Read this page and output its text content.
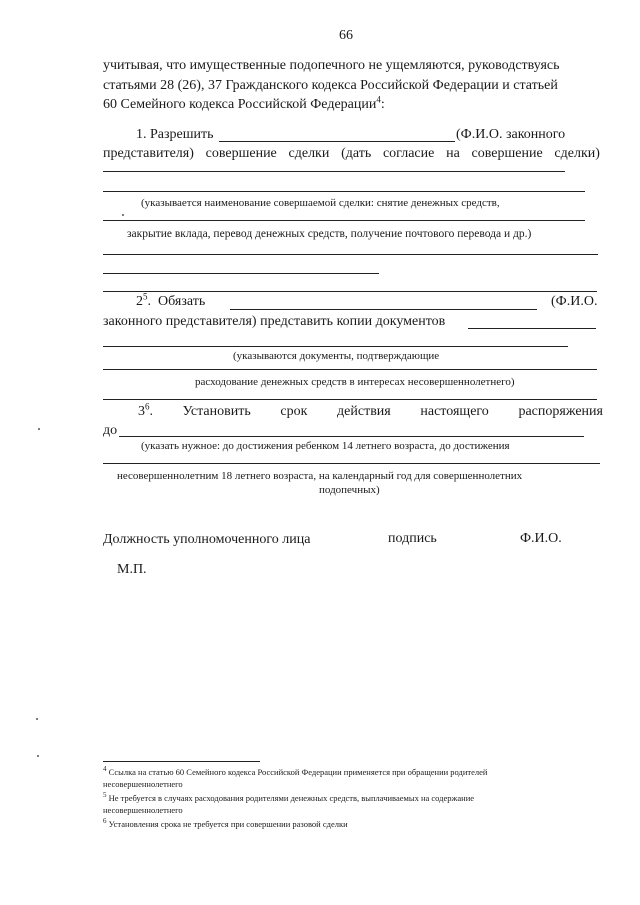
66
учитывая, что имущественные подопечного не ущемляются, руководствуясь
статьями 28 (26), 37 Гражданского кодекса Российской Федерации и статьей
60 Семейного кодекса Российской Федерации$^4$:
1. Разрешить	(Ф.И.О. законного
представителя) совершение сделки (дать согласие на совершение сделки)
(указывается наименование совершаемой сделки: снятие денежных средств,
закрытие вклада, перевод денежных средств, получение почтового перевода и др.)
$2^5$. Обязать	(Ф.И.О.
законного представителя) представить копии документов
(указываются документы, подтверждающие
расходование денежных средств в интересах несовершеннолетнего)
$3^6$. Установить срок действия настоящего распоряжения
до
(указать нужное: до достижения ребенком 14 летнего возраста, до достижения
несовершеннолетним 18 летнего возраста, на календарный год для совершеннолетних
подопечных)
Должность уполномоченного лица	подпись	Ф.И.О.
М.П.
$^4$ Ссылка на статью 60 Семейного кодекса Российской Федерации применяется при обращении родителей
несовершеннолетнего
$^5$ Не требуется в случаях расходования родителями денежных средств, выплачиваемых на содержание
несовершеннолетнего
$^6$ Установления срока не требуется при совершении разовой сделки
